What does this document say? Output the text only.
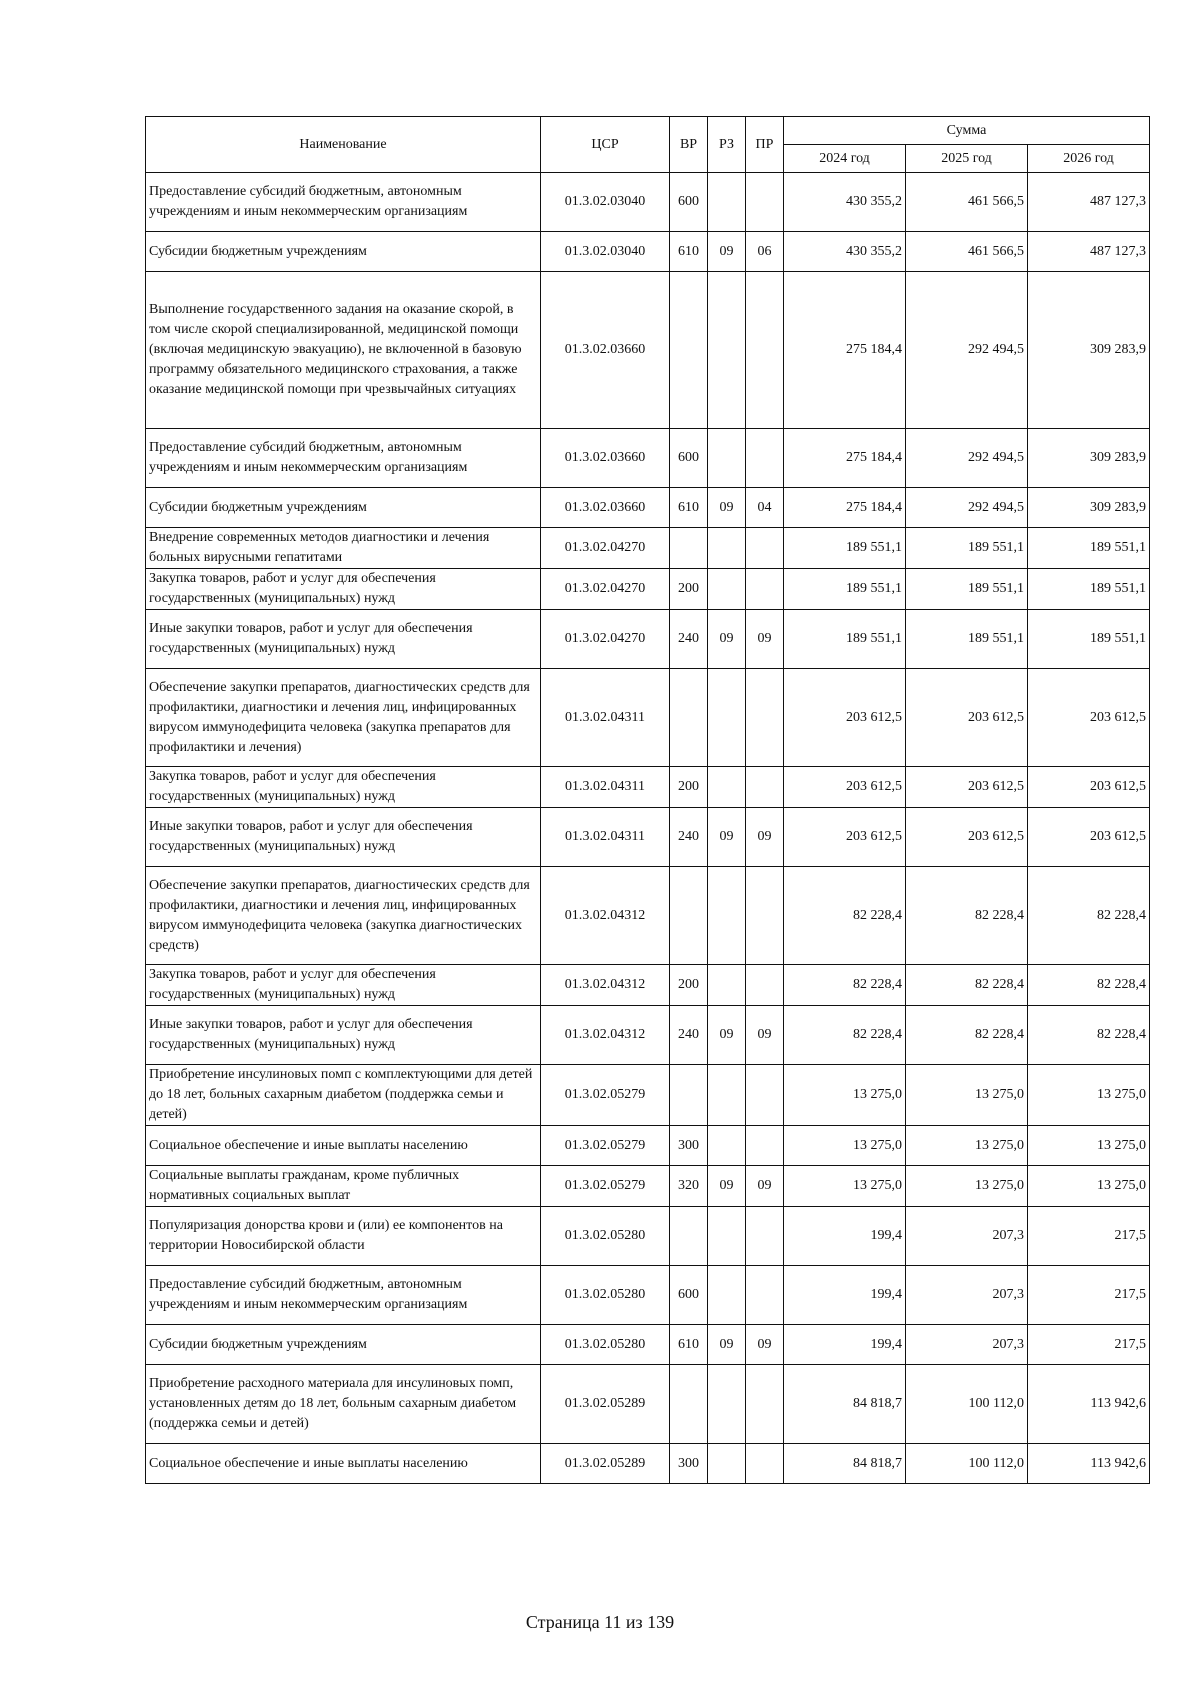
Наименование	ЦСР	ВР	РЗ	ПР	Сумма		
					2024 год	2025 год	2026 год
Предоставление субсидий бюджетным, автономным учреждениям и иным некоммерческим организациям	01.3.02.03040	600			430 355,2	461 566,5	487 127,3
Субсидии бюджетным учреждениям	01.3.02.03040	610	09	06	430 355,2	461 566,5	487 127,3
Выполнение государственного задания на оказание скорой, в том числе скорой специализированной, медицинской помощи (включая медицинскую эвакуацию), не включенной в базовую программу обязательного медицинского страхования, а также оказание медицинской помощи при чрезвычайных ситуациях	01.3.02.03660				275 184,4	292 494,5	309 283,9
Предоставление субсидий бюджетным, автономным учреждениям и иным некоммерческим организациям	01.3.02.03660	600			275 184,4	292 494,5	309 283,9
Субсидии бюджетным учреждениям	01.3.02.03660	610	09	04	275 184,4	292 494,5	309 283,9
Внедрение современных методов диагностики и лечения больных вирусными гепатитами	01.3.02.04270				189 551,1	189 551,1	189 551,1
Закупка товаров, работ и услуг для обеспечения государственных (муниципальных) нужд	01.3.02.04270	200			189 551,1	189 551,1	189 551,1
Иные закупки товаров, работ и услуг для обеспечения государственных (муниципальных) нужд	01.3.02.04270	240	09	09	189 551,1	189 551,1	189 551,1
Обеспечение закупки препаратов, диагностических средств для профилактики, диагностики и лечения лиц, инфицированных вирусом иммунодефицита человека (закупка препаратов для профилактики и лечения)	01.3.02.04311				203 612,5	203 612,5	203 612,5
Закупка товаров, работ и услуг для обеспечения государственных (муниципальных) нужд	01.3.02.04311	200			203 612,5	203 612,5	203 612,5
Иные закупки товаров, работ и услуг для обеспечения государственных (муниципальных) нужд	01.3.02.04311	240	09	09	203 612,5	203 612,5	203 612,5
Обеспечение закупки препаратов, диагностических средств для профилактики, диагностики и лечения лиц, инфицированных вирусом иммунодефицита человека (закупка диагностических средств)	01.3.02.04312				82 228,4	82 228,4	82 228,4
Закупка товаров, работ и услуг для обеспечения государственных (муниципальных) нужд	01.3.02.04312	200			82 228,4	82 228,4	82 228,4
Иные закупки товаров, работ и услуг для обеспечения государственных (муниципальных) нужд	01.3.02.04312	240	09	09	82 228,4	82 228,4	82 228,4
Приобретение инсулиновых помп с комплектующими для детей до 18 лет, больных сахарным диабетом (поддержка семьи и детей)	01.3.02.05279				13 275,0	13 275,0	13 275,0
Социальное обеспечение и иные выплаты населению	01.3.02.05279	300			13 275,0	13 275,0	13 275,0
Социальные выплаты гражданам, кроме публичных нормативных социальных выплат	01.3.02.05279	320	09	09	13 275,0	13 275,0	13 275,0
Популяризация донорства крови и (или) ее компонентов на территории Новосибирской области	01.3.02.05280				199,4	207,3	217,5
Предоставление субсидий бюджетным, автономным учреждениям и иным некоммерческим организациям	01.3.02.05280	600			199,4	207,3	217,5
Субсидии бюджетным учреждениям	01.3.02.05280	610	09	09	199,4	207,3	217,5
Приобретение расходного материала для инсулиновых помп, установленных детям до 18 лет, больным сахарным диабетом (поддержка семьи и детей)	01.3.02.05289				84 818,7	100 112,0	113 942,6
Социальное обеспечение и иные выплаты населению	01.3.02.05289	300			84 818,7	100 112,0	113 942,6
Страница 11 из 139
